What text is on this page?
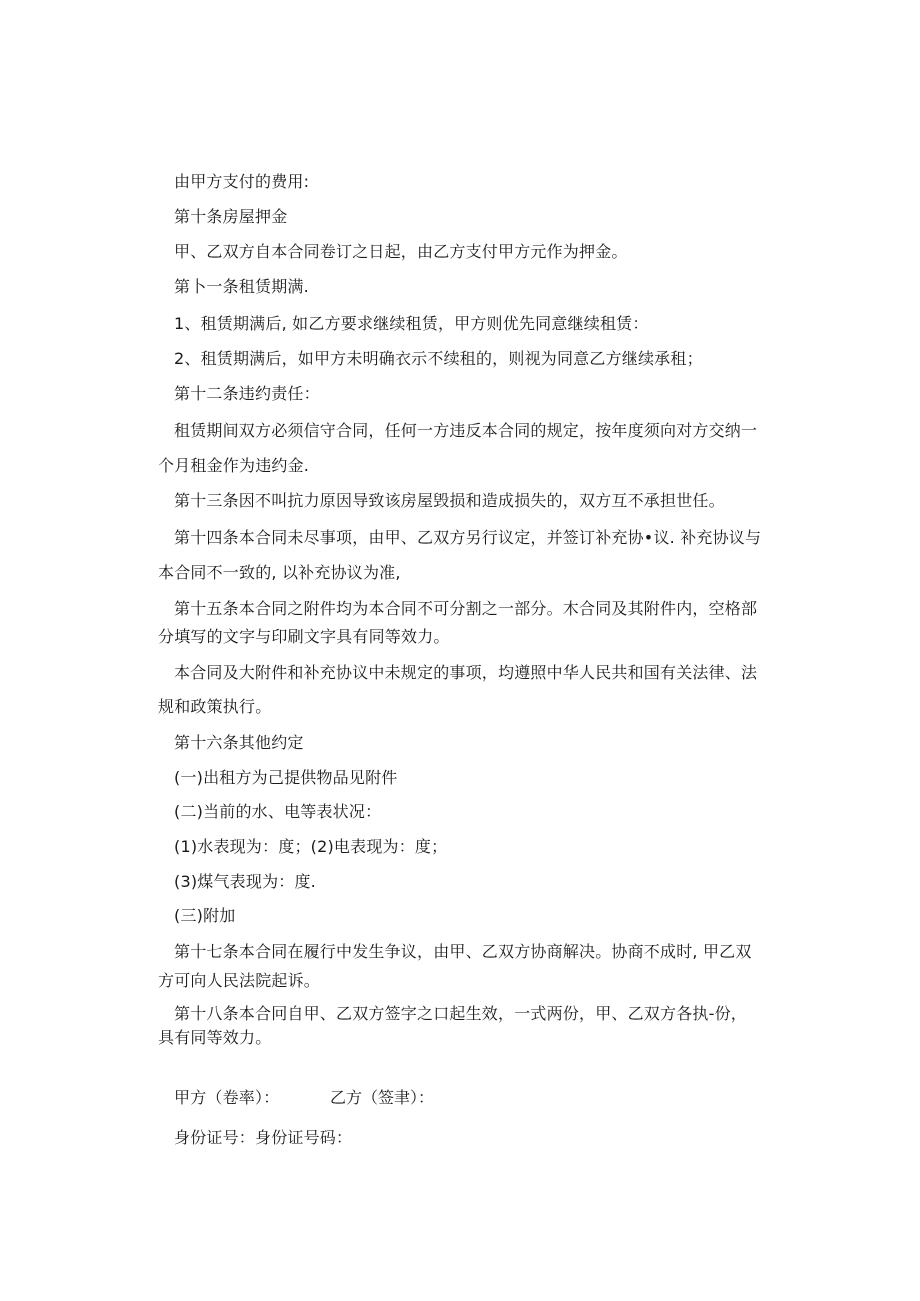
由甲方支付的费用:
第十条房屋押金
甲、乙双方自本合同卷订之日起，由乙方支付甲方元作为押金。
第卜一条租赁期满.
1、租赁期满后, 如乙方要求继续租赁，甲方则优先同意继续租赁：
2、租赁期满后，如甲方未明确衣示不续租的，则视为同意乙方继续承租；
第十二条违约责任：
租赁期间双方必须信守合同，任何一方违反本合同的规定，按年度须向对方交纳一
个月租金作为违约金.
第十三条因不叫抗力原因导致该房屋毁损和造成损失的，双方互不承担世任。
第十四条本合同未尽事项，由甲、乙双方另行议定，并签订补充协•议. 补充协议与
本合同不一致的, 以补充协议为准,
第十五条本合同之附件均为本合同不可分割之一部分。木合同及其附件内，空格部
分填写的文字与印刷文字具有同等效力。
本合同及大附件和补充协议中未规定的事项，均遵照中华人民共和国有关法律、法
规和政策执行。
第十六条其他约定
(一)出租方为己提供物品见附件
(二)当前的水、电等表状况：
(1)水表现为：度；(2)电表现为：度；
(3)煤气表现为：度.
(三)附加
第十七条本合同在履行中发生争议，由甲、乙双方协商解决。协商不成时, 甲乙双
方可向人民法院起诉。
第十八条本合冋自甲、乙双方签字之口起生效，一式两份，甲、乙双方各执-份，
具有同等效力。
甲方（卷率）：	乙方（签聿）：
身份证号：身份证号码：
